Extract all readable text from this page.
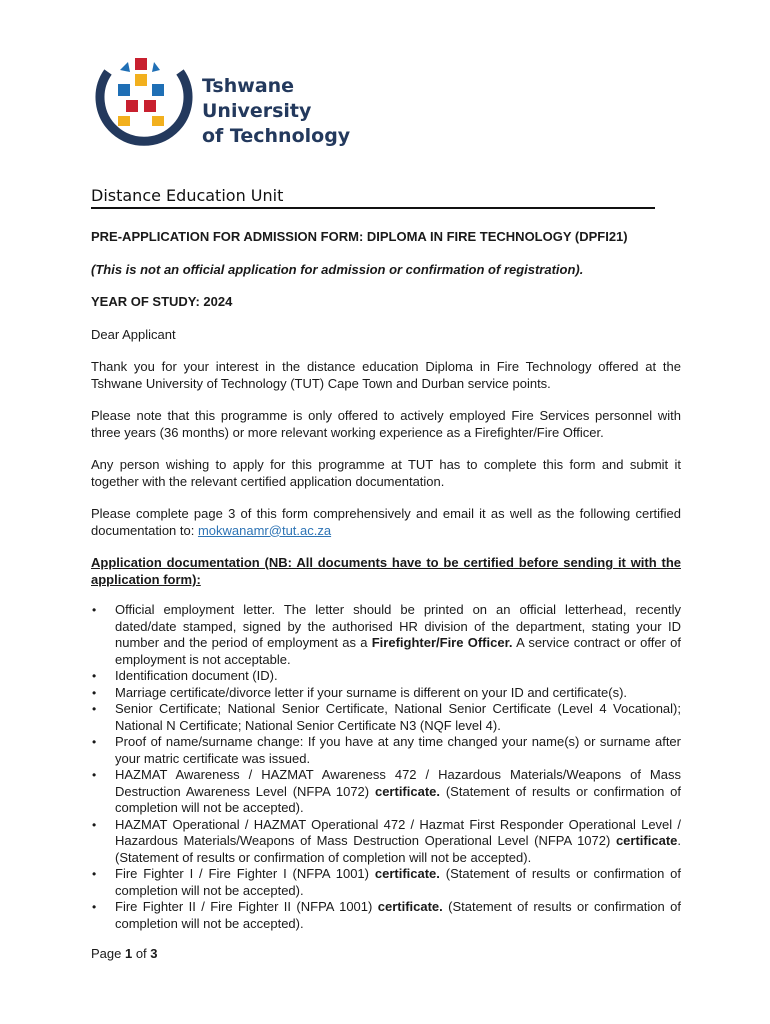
Tshwane University
of Technology
Distance Education Unit

PRE-APPLICATION FOR ADMISSION FORM: DIPLOMA IN FIRE TECHNOLOGY (DPFI21)

(This is not an official application for admission or confirmation of registration).

YEAR OF STUDY: 2024

Dear Applicant

Thank you for your interest in the distance education Diploma in Fire Technology offered at the Tshwane University of Technology (TUT) Cape Town and Durban service points.

Please note that this programme is only offered to actively employed Fire Services personnel with three years (36 months) or more relevant working experience as a Firefighter/Fire Officer.

Any person wishing to apply for this programme at TUT has to complete this form and submit it together with the relevant certified application documentation.

Please complete page 3 of this form comprehensively and email it as well as the following certified documentation to: mokwanamr@tut.ac.za

Application documentation (NB: All documents have to be certified before sending it with the application form):

• Official employment letter. The letter should be printed on an official letterhead, recently dated/date stamped, signed by the authorised HR division of the department, stating your ID number and the period of employment as a Firefighter/Fire Officer. A service contract or offer of employment is not acceptable.
• Identification document (ID).
• Marriage certificate/divorce letter if your surname is different on your ID and certificate(s).
• Senior Certificate; National Senior Certificate, National Senior Certificate (Level 4 Vocational); National N Certificate; National Senior Certificate N3 (NQF level 4).
• Proof of name/surname change: If you have at any time changed your name(s) or surname after your matric certificate was issued.
• HAZMAT Awareness / HAZMAT Awareness 472 / Hazardous Materials/Weapons of Mass Destruction Awareness Level (NFPA 1072) certificate. (Statement of results or confirmation of completion will not be accepted).
• HAZMAT Operational / HAZMAT Operational 472 / Hazmat First Responder Operational Level / Hazardous Materials/Weapons of Mass Destruction Operational Level (NFPA 1072) certificate. (Statement of results or confirmation of completion will not be accepted).
• Fire Fighter I / Fire Fighter I (NFPA 1001) certificate. (Statement of results or confirmation of completion will not be accepted).
• Fire Fighter II / Fire Fighter II (NFPA 1001) certificate. (Statement of results or confirmation of completion will not be accepted).
Page 1 of 3
